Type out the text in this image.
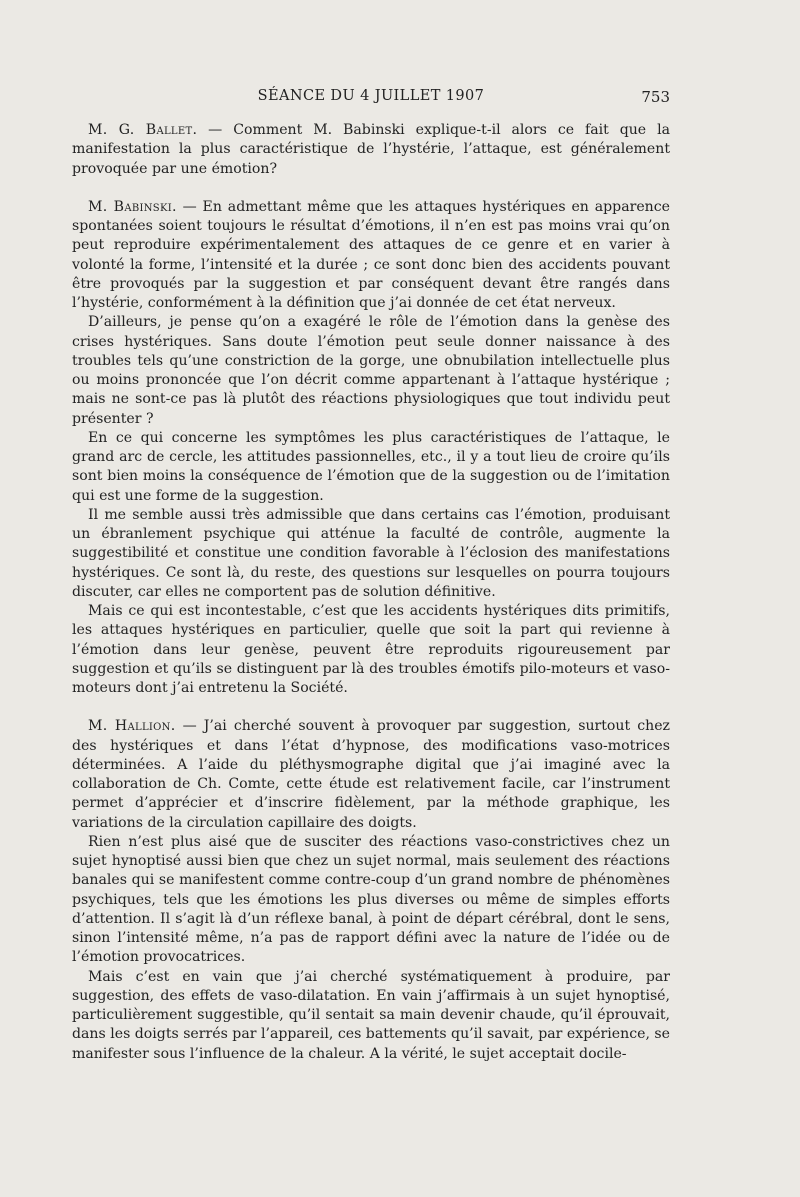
SÉANCE DU 4 JUILLET 1907	753

M. G. Ballet. — Comment M. Babinski explique-t-il alors ce fait que la manifestation la plus caractéristique de l’hystérie, l’attaque, est généralement provoquée par une émotion?

M. Babinski. — En admettant même que les attaques hystériques en apparence spontanées soient toujours le résultat d’émotions, il n’en est pas moins vrai qu’on peut reproduire expérimentalement des attaques de ce genre et en varier à volonté la forme, l’intensité et la durée ; ce sont donc bien des accidents pouvant être provoqués par la suggestion et par conséquent devant être rangés dans l’hystérie, conformément à la définition que j’ai donnée de cet état nerveux.

D’ailleurs, je pense qu’on a exagéré le rôle de l’émotion dans la genèse des crises hystériques. Sans doute l’émotion peut seule donner naissance à des troubles tels qu’une constriction de la gorge, une obnubilation intellectuelle plus ou moins prononcée que l’on décrit comme appartenant à l’attaque hystérique ; mais ne sont-ce pas là plutôt des réactions physiologiques que tout individu peut présenter ?

En ce qui concerne les symptômes les plus caractéristiques de l’attaque, le grand arc de cercle, les attitudes passionnelles, etc., il y a tout lieu de croire qu’ils sont bien moins la conséquence de l’émotion que de la suggestion ou de l’imitation qui est une forme de la suggestion.

Il me semble aussi très admissible que dans certains cas l’émotion, produisant un ébranlement psychique qui atténue la faculté de contrôle, augmente la suggestibilité et constitue une condition favorable à l’éclosion des manifestations hystériques. Ce sont là, du reste, des questions sur lesquelles on pourra toujours discuter, car elles ne comportent pas de solution définitive.

Mais ce qui est incontestable, c’est que les accidents hystériques dits primitifs, les attaques hystériques en particulier, quelle que soit la part qui revienne à l’émotion dans leur genèse, peuvent être reproduits rigoureusement par suggestion et qu’ils se distinguent par là des troubles émotifs pilo-moteurs et vaso-moteurs dont j’ai entretenu la Société.

M. Hallion. — J’ai cherché souvent à provoquer par suggestion, surtout chez des hystériques et dans l’état d’hypnose, des modifications vaso-motrices déterminées. A l’aide du pléthysmographe digital que j’ai imaginé avec la collaboration de Ch. Comte, cette étude est relativement facile, car l’instrument permet d’apprécier et d’inscrire fidèlement, par la méthode graphique, les variations de la circulation capillaire des doigts.

Rien n’est plus aisé que de susciter des réactions vaso-constrictives chez un sujet hynoptisé aussi bien que chez un sujet normal, mais seulement des réactions banales qui se manifestent comme contre-coup d’un grand nombre de phénomènes psychiques, tels que les émotions les plus diverses ou même de simples efforts d’attention. Il s’agit là d’un réflexe banal, à point de départ cérébral, dont le sens, sinon l’intensité même, n’a pas de rapport défini avec la nature de l’idée ou de l’émotion provocatrices.

Mais c’est en vain que j’ai cherché systématiquement à produire, par suggestion, des effets de vaso-dilatation. En vain j’affirmais à un sujet hynoptisé, particulièrement suggestible, qu’il sentait sa main devenir chaude, qu’il éprouvait, dans les doigts serrés par l’appareil, ces battements qu’il savait, par expérience, se manifester sous l’influence de la chaleur. A la vérité, le sujet acceptait docile-
